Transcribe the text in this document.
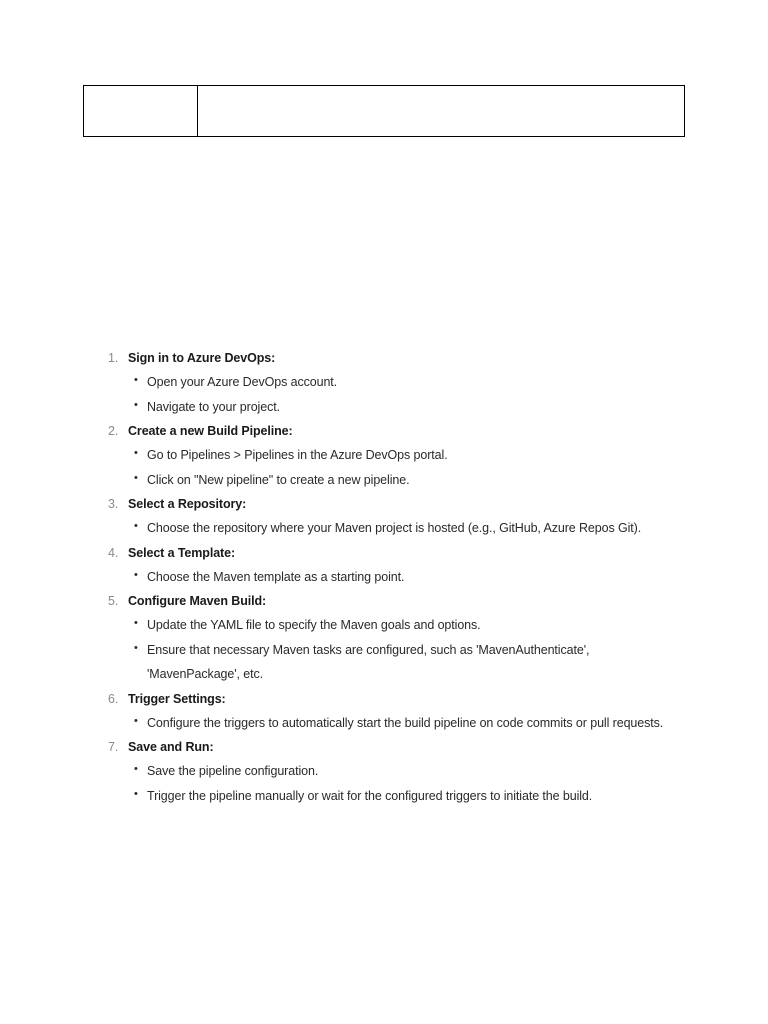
1. Sign in to Azure DevOps:
• Open your Azure DevOps account.
• Navigate to your project.
2. Create a new Build Pipeline:
• Go to Pipelines > Pipelines in the Azure DevOps portal.
• Click on "New pipeline" to create a new pipeline.
3. Select a Repository:
• Choose the repository where your Maven project is hosted (e.g., GitHub, Azure Repos Git).
4. Select a Template:
• Choose the Maven template as a starting point.
5. Configure Maven Build:
• Update the YAML file to specify the Maven goals and options.
• Ensure that necessary Maven tasks are configured, such as 'MavenAuthenticate', 'MavenPackage', etc.
6. Trigger Settings:
• Configure the triggers to automatically start the build pipeline on code commits or pull requests.
7. Save and Run:
• Save the pipeline configuration.
• Trigger the pipeline manually or wait for the configured triggers to initiate the build.
